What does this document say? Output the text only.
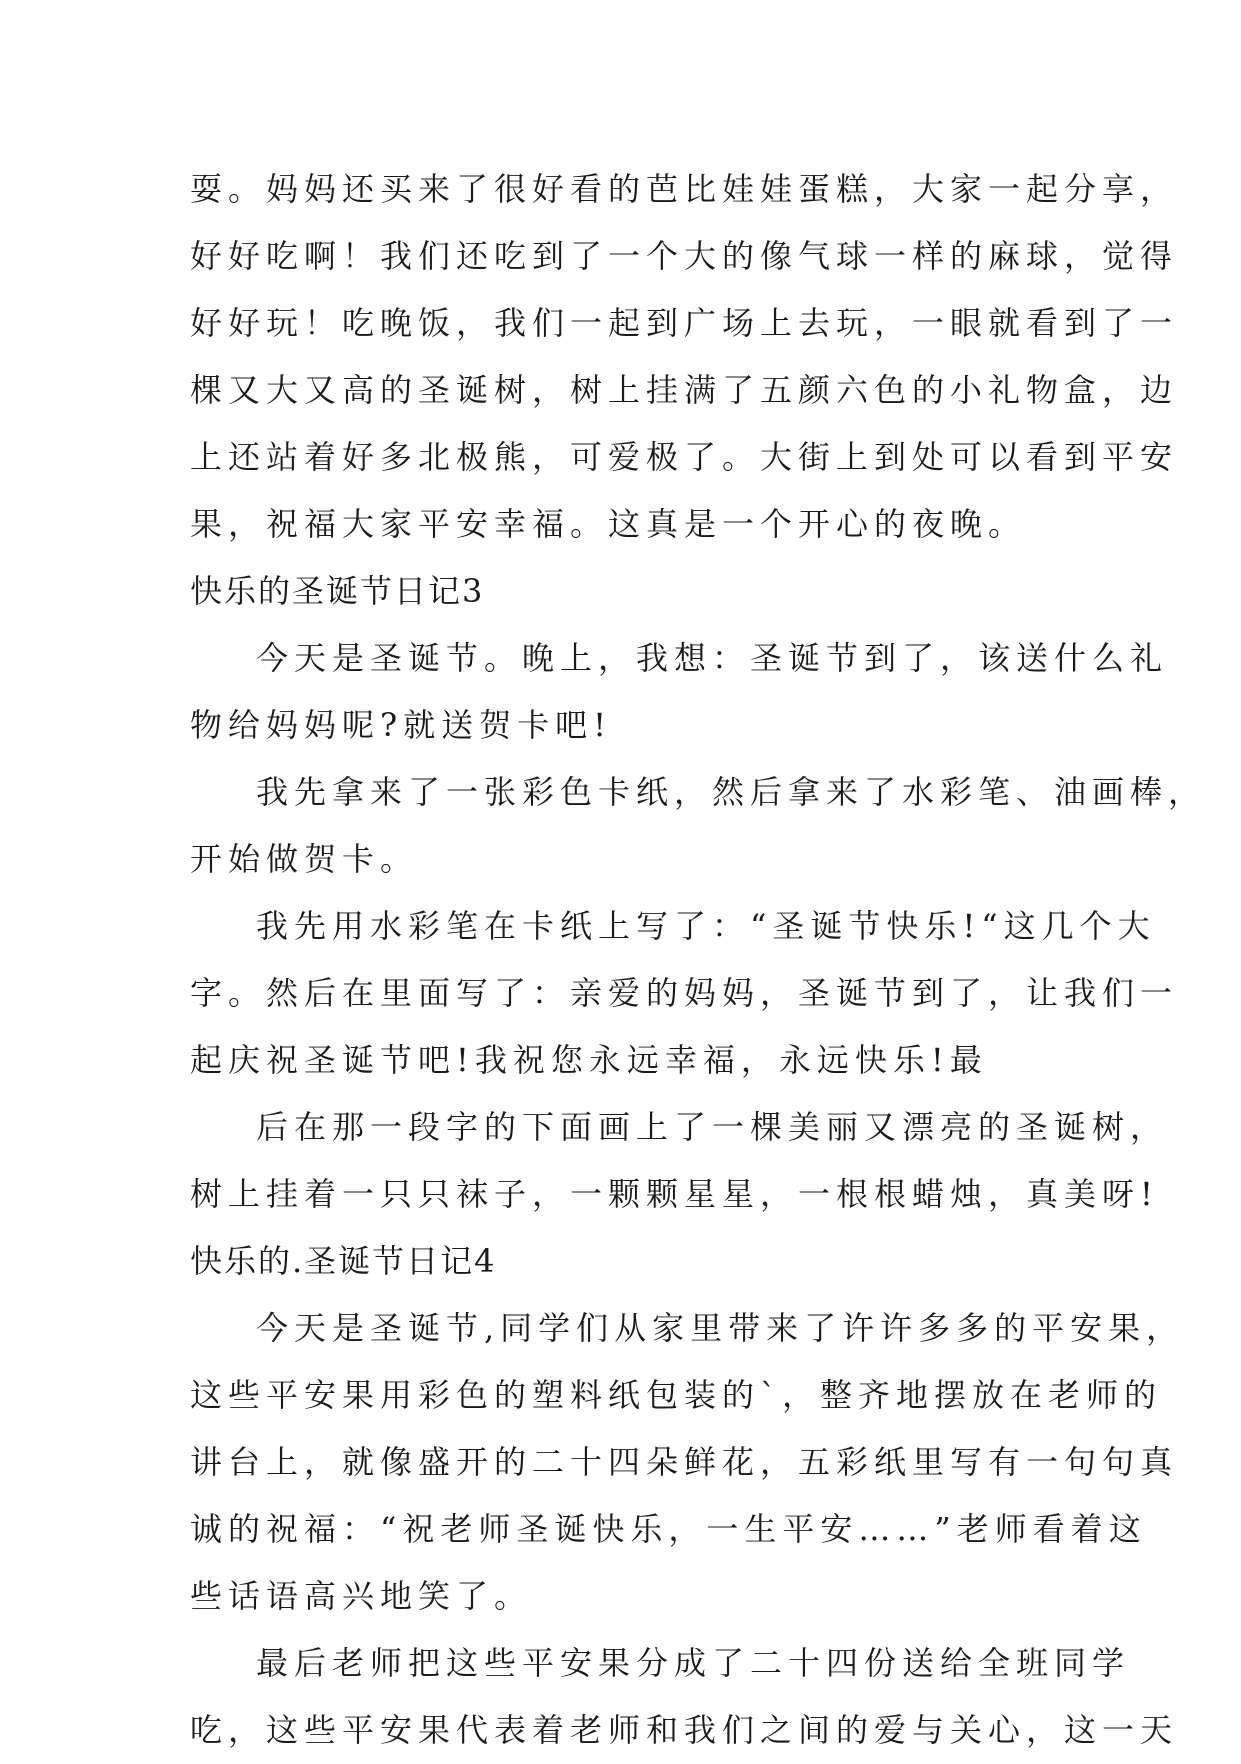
耍。妈妈还买来了很好看的芭比娃娃蛋糕，大家一起分享，
好好吃啊！我们还吃到了一个大的像气球一样的麻球，觉得
好好玩！吃晚饭，我们一起到广场上去玩，一眼就看到了一
棵又大又高的圣诞树，树上挂满了五颜六色的小礼物盒，边
上还站着好多北极熊，可爱极了。大街上到处可以看到平安
果，祝福大家平安幸福。这真是一个开心的夜晚。
快乐的圣诞节日记3
今天是圣诞节。晚上，我想：圣诞节到了，该送什么礼
物给妈妈呢?就送贺卡吧!
我先拿来了一张彩色卡纸，然后拿来了水彩笔、油画棒，
开始做贺卡。
我先用水彩笔在卡纸上写了：“圣诞节快乐!“这几个大
字。然后在里面写了：亲爱的妈妈，圣诞节到了，让我们一
起庆祝圣诞节吧!我祝您永远幸福，永远快乐!最
后在那一段字的下面画上了一棵美丽又漂亮的圣诞树，
树上挂着一只只袜子，一颗颗星星，一根根蜡烛，真美呀!
快乐的.圣诞节日记4
今天是圣诞节,同学们从家里带来了许许多多的平安果，
这些平安果用彩色的塑料纸包装的`，整齐地摆放在老师的
讲台上，就像盛开的二十四朵鲜花，五彩纸里写有一句句真
诚的祝福：“祝老师圣诞快乐，一生平安……”老师看着这
些话语高兴地笑了。
最后老师把这些平安果分成了二十四份送给全班同学
吃，这些平安果代表着老师和我们之间的爱与关心，这一天
